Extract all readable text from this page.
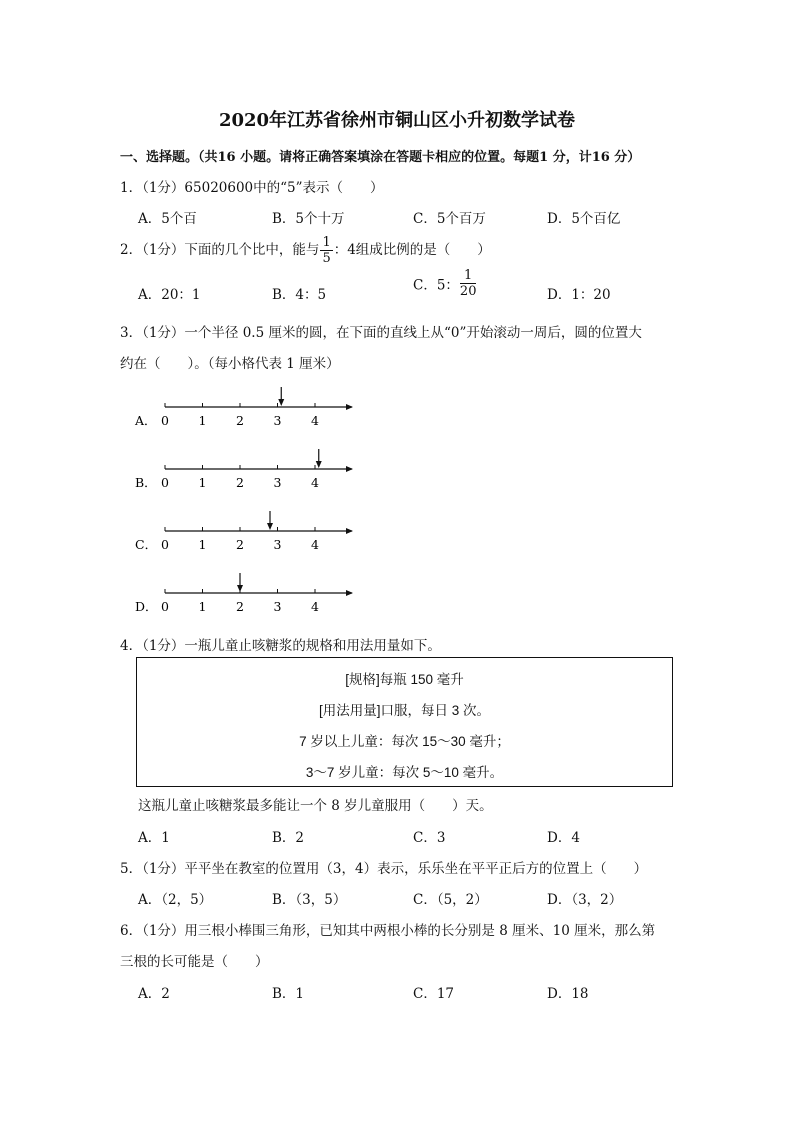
2020年江苏省徐州市铜山区小升初数学试卷
一、选择题。（共16 小题。请将正确答案填涂在答题卡相应的位置。每题1 分，计16 分）
1．（1分）65020600中的“5”表示（　　）
A．5个百	B．5个十万	C．5个百万	D．5个百亿
2．（1分）下面的几个比中，能与 $\frac{1}{5}$ ：4组成比例的是（　　）
A．20：1	B．4：5
C．5： $\frac{1}{20}$	D．1：20
3．（1分）一个半径 0.5 厘米的圆，在下面的直线上从“0”开始滚动一周后，圆的位置大
约在（　　）。（每小格代表 1 厘米）
A． 0 1 2 3 4
B． 0 1 2 3 4
C． 0 1 2 3 4
D． 0 1 2 3 4
4．（1分）一瓶儿童止咳糖浆的规格和用法用量如下。
[规格]每瓶 150 毫升
[用法用量]口服，每日 3 次。
7 岁以上儿童：每次 15～30 毫升；
3～7 岁儿童：每次 5～10 毫升。
这瓶儿童止咳糖浆最多能让一个 8 岁儿童服用（　　）天。
A．1	B．2	C．3	D．4
5．（1分）平平坐在教室的位置用（3，4）表示，乐乐坐在平平正后方的位置上（　　）
A．（2，5）	B．（3，5）	C．（5，2）	D．（3，2）
6．（1分）用三根小棒围三角形，已知其中两根小棒的长分别是 8 厘米、10 厘米，那么第
三根的长可能是（　　）
A．2	B．1	C．17	D．18
